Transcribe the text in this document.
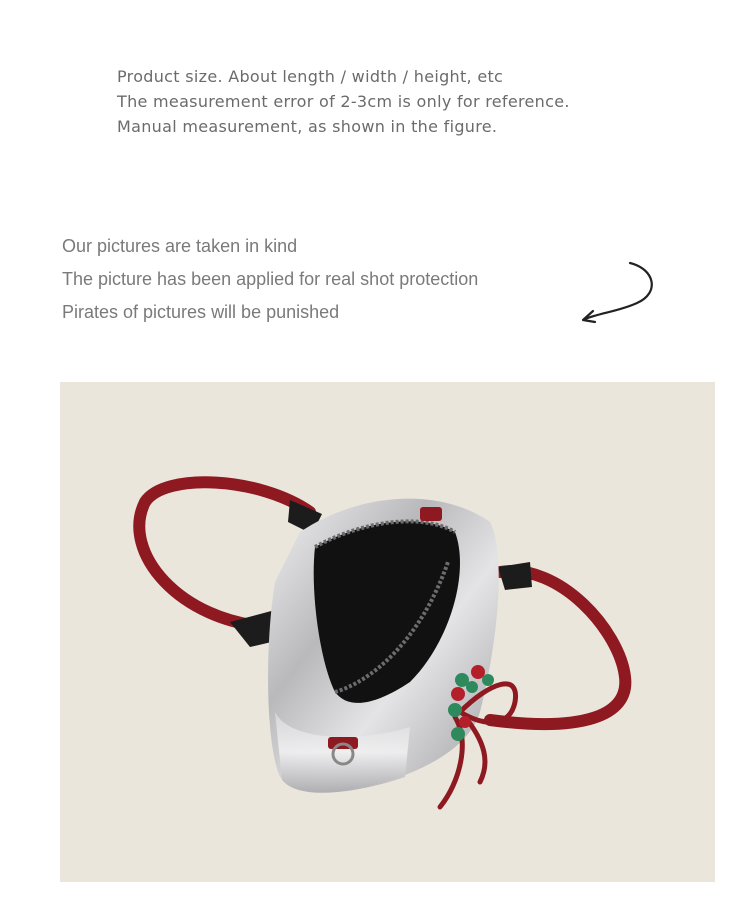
Product size. About length / width / height, etc
The measurement error of 2-3cm is only for reference.
Manual measurement, as shown in the figure.
Our pictures are taken in kind
The picture has been applied for real shot protection
Pirates of pictures will be punished
